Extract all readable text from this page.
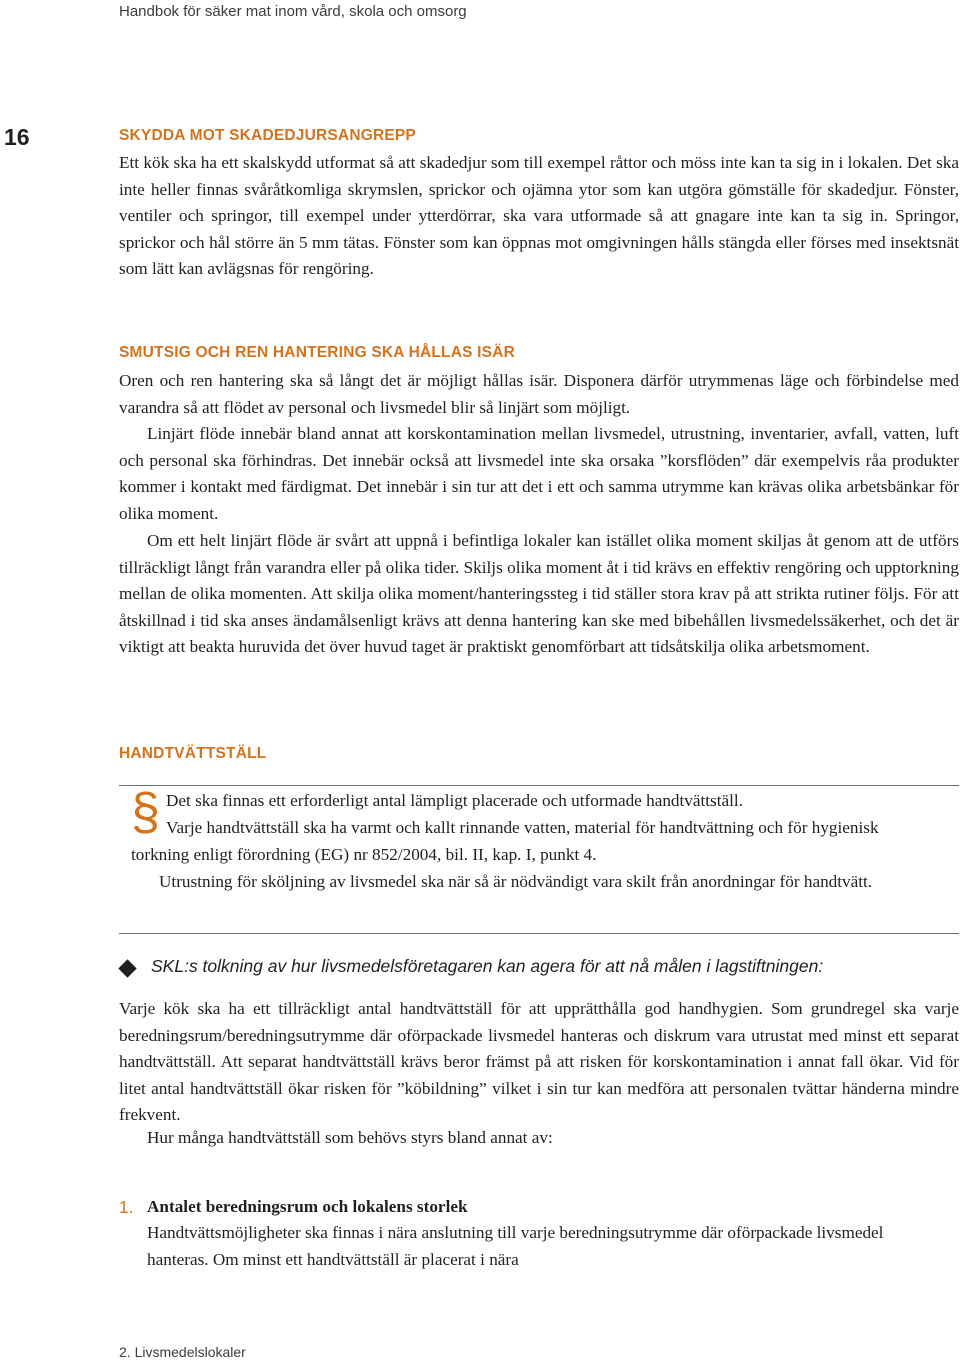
Handbok för säker mat inom vård, skola och omsorg
16	SKYDDA MOT SKADEDJURSANGREPP

Ett kök ska ha ett skalskydd utformat så att skadedjur som till exempel råttor och möss inte kan ta sig in i lokalen. Det ska inte heller finnas svåråtkomliga skrymslen, sprickor och ojämna ytor som kan utgöra gömställe för skadedjur. Fönster, ventiler och springor, till exempel under ytterdörrar, ska vara utformade så att gnagare inte kan ta sig in. Springor, sprickor och hål större än 5 mm tätas. Fönster som kan öppnas mot omgivningen hålls stängda eller förses med insektsnät som lätt kan avlägsnas för rengöring.

SMUTSIG OCH REN HANTERING SKA HÅLLAS ISÄR

Oren och ren hantering ska så långt det är möjligt hållas isär. Disponera därför utrymmenas läge och förbindelse med varandra så att flödet av personal och livsmedel blir så linjärt som möjligt.

Linjärt flöde innebär bland annat att korskontamination mellan livsmedel, utrustning, inventarier, avfall, vatten, luft och personal ska förhindras. Det innebär också att livsmedel inte ska orsaka ”korsflöden” där exempelvis råa produkter kommer i kontakt med färdigmat. Det innebär i sin tur att det i ett och samma utrymme kan krävas olika arbetsbänkar för olika moment.

Om ett helt linjärt flöde är svårt att uppnå i befintliga lokaler kan istället olika moment skiljas åt genom att de utförs tillräckligt långt från varandra eller på olika tider. Skiljs olika moment åt i tid krävs en effektiv rengöring och upptorkning mellan de olika momenten. Att skilja olika moment/hanteringssteg i tid ställer stora krav på att strikta rutiner följs. För att åtskillnad i tid ska anses ändamålsenligt krävs att denna hantering kan ske med bibehållen livsmedelssäkerhet, och det är viktigt att beakta huruvida det över huvud taget är praktiskt genomförbart att tidsåtskilja olika arbetsmoment.

HANDTVÄTTSTÄLL
§ Det ska finnas ett erforderligt antal lämpligt placerade och utformade handtvättställ.

Varje handtvättställ ska ha varmt och kallt rinnande vatten, material för handtvättning och för hygienisk torkning enligt förordning (EG) nr 852/2004, bil. II, kap. I, punkt 4.

Utrustning för sköljning av livsmedel ska när så är nödvändigt vara skilt från anordningar för handtvätt.

SKL:s tolkning av hur livsmedelsföretagaren kan agera för att nå målen i lagstiftningen:

Varje kök ska ha ett tillräckligt antal handtvättställ för att upprätthålla god handhygien. Som grundregel ska varje beredningsrum/beredningsutrymme där oförpackade livsmedel hanteras och diskrum vara utrustat med minst ett separat handtvättställ. Att separat handtvättställ krävs beror främst på att risken för korskontamination i annat fall ökar. Vid för litet antal handtvättställ ökar risken för ”köbildning” vilket i sin tur kan medföra att personalen tvättar händerna mindre frekvent.

Hur många handtvättställ som behövs styrs bland annat av:

1. Antalet beredningsrum och lokalens storlek

Handtvättsmöjligheter ska finnas i nära anslutning till varje beredningsutrymme där oförpackade livsmedel hanteras. Om minst ett handtvättställ är placerat i nära

2. Livsmedelslokaler
